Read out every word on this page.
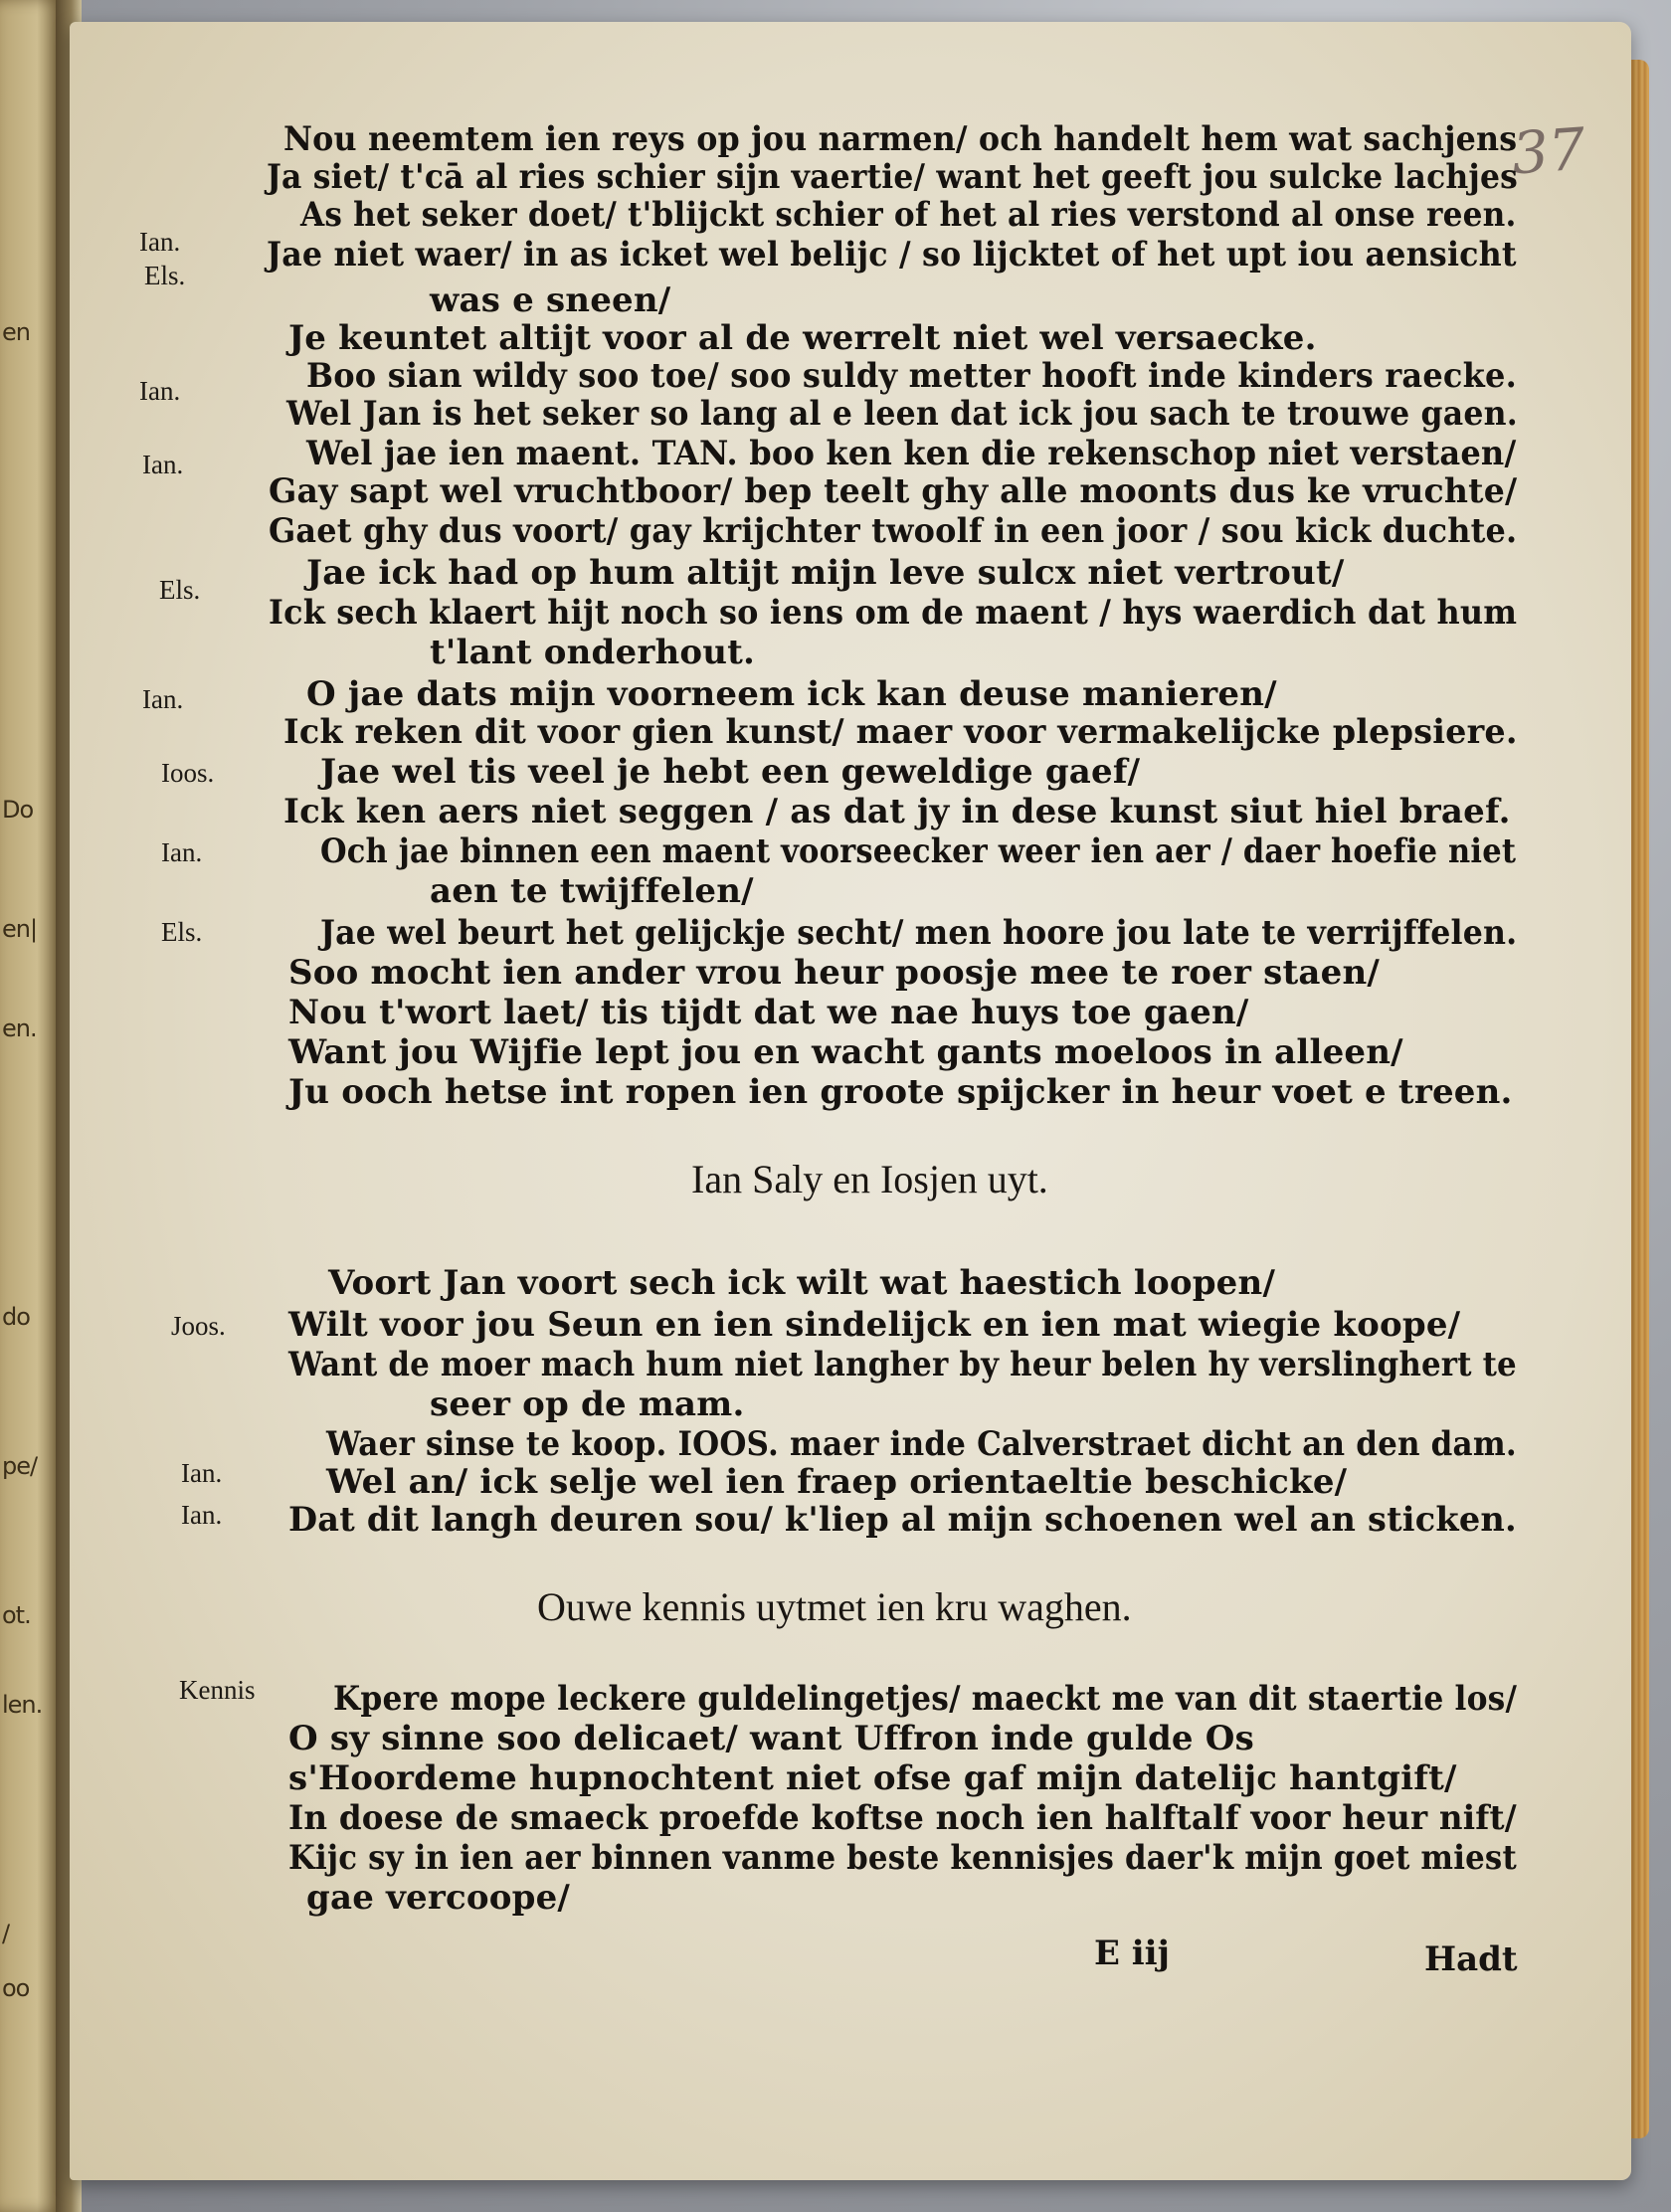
en
Do
en|
en.
do
pe/
ot.
len.
/
oo
37
Ian.
Els.
Ian.
Ian.
Els.
Ian.
Ioos.
Ian.
Els.
Joos.
Ian.
Ian.
Kennis
Nou neemtem ien reys op jou narmen/ och handelt hem wat sachjens
Ja siet/ t'cā al ries schier sijn vaertie/ want het geeft jou sulcke lachjes
As het seker doet/ t'blijckt schier of het al ries verstond al onse reen.
Jae niet waer/ in as icket wel belijc / so lijcktet of het upt iou aensicht
was e sneen/
Je keuntet altijt voor al de werrelt niet wel versaecke.
Boo sian wildy soo toe/ soo suldy metter hooft inde kinders raecke.
Wel Jan is het seker so lang al e leen dat ick jou sach te trouwe gaen.
Wel jae ien maent. TAN. boo ken ken die rekenschop niet verstaen/
Gay sapt wel vruchtboor/ bep teelt ghy alle moonts dus ke vruchte/
Gaet ghy dus voort/ gay krijchter twoolf in een joor / sou kick duchte.
Jae ick had op hum altijt mijn leve sulcx niet vertrout/
Ick sech klaert hijt noch so iens om de maent / hys waerdich dat hum
t'lant onderhout.
O jae dats mijn voorneem ick kan deuse manieren/
Ick reken dit voor gien kunst/ maer voor vermakelijcke plepsiere.
Jae wel tis veel je hebt een geweldige gaef/
Ick ken aers niet seggen / as dat jy in dese kunst siut hiel braef.
Och jae binnen een maent voorseecker weer ien aer / daer hoefie niet
aen te twijffelen/
Jae wel beurt het gelijckje secht/ men hoore jou late te verrijffelen.
Soo mocht ien ander vrou heur poosje mee te roer staen/
Nou t'wort laet/ tis tijdt dat we nae huys toe gaen/
Want jou Wijfie lept jou en wacht gants moeloos in alleen/
Ju ooch hetse int ropen ien groote spijcker in heur voet e treen.
Ian Saly en Iosjen uyt.
Voort Jan voort sech ick wilt wat haestich loopen/
Wilt voor jou Seun en ien sindelijck en ien mat wiegie koope/
Want de moer mach hum niet langher by heur belen hy verslinghert te
seer op de mam.
Waer sinse te koop. IOOS. maer inde Calverstraet dicht an den dam.
Wel an/ ick selje wel ien fraep orientaeltie beschicke/
Dat dit langh deuren sou/ k'liep al mijn schoenen wel an sticken.
Ouwe kennis uytmet ien kru waghen.
Kpere mope leckere guldelingetjes/ maeckt me van dit staertie los/
O sy sinne soo delicaet/ want Uffron inde gulde Os
s'Hoordeme hupnochtent niet ofse gaf mijn datelijc hantgift/
In doese de smaeck proefde koftse noch ien halftalf voor heur nift/
Kijc sy in ien aer binnen vanme beste kennisjes daer'k mijn goet miest
gae vercoope/
E iij	Hadt
